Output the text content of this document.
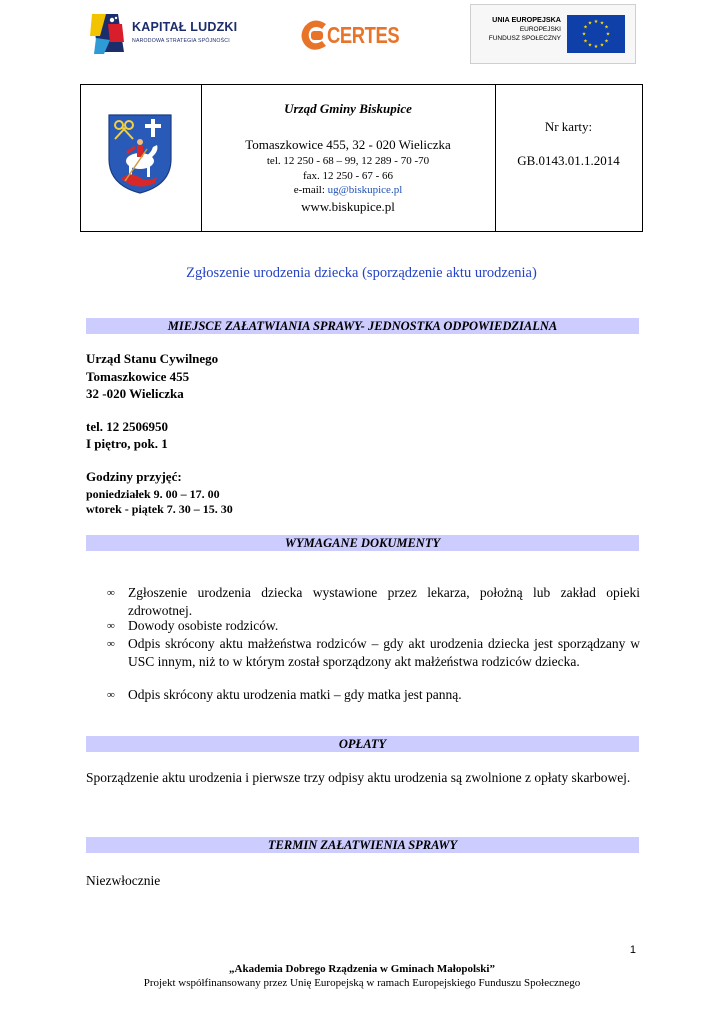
KAPITAŁ LUDZKI
NARODOWA STRATEGIA SPÓJNOŚCI	CERTES
UNIA EUROPEJSKA
EUROPEJSKI
FUNDUSZ SPOŁECZNY
★ ★
★
★
★
★
★
★
★
★
★
★
Urząd Gminy Biskupice
Tomaszkowice 455, 32 - 020 Wieliczka
tel. 12 250 - 68 – 99, 12 289 - 70 -70
fax. 12 250 - 67 - 66
e-mail: ug@biskupice.pl
www.biskupice.pl
Nr karty:
GB.0143.01.1.2014
Zgłoszenie urodzenia dziecka (sporządzenie aktu urodzenia)
MIEJSCE ZAŁATWIANIA SPRAWY- JEDNOSTKA ODPOWIEDZIALNA
Urząd Stanu Cywilnego
Tomaszkowice 455
32 -020 Wieliczka
tel. 12 2506950
I piętro, pok. 1
Godziny przyjęć:
poniedziałek 9. 00 – 17. 00
wtorek - piątek 7. 30 – 15. 30
WYMAGANE DOKUMENTY
∞ Zgłoszenie urodzenia dziecka wystawione przez lekarza, położną lub zakład opieki zdrowotnej.
∞ Dowody osobiste rodziców.
∞ Odpis skrócony aktu małżeństwa rodziców – gdy akt urodzenia dziecka jest sporządzany w USC innym, niż to w którym został sporządzony akt małżeństwa rodziców dziecka.
∞ Odpis skrócony aktu urodzenia matki – gdy matka jest panną.
OPŁATY
Sporządzenie aktu urodzenia i pierwsze trzy odpisy aktu urodzenia są zwolnione z opłaty skarbowej.
TERMIN ZAŁATWIENIA SPRAWY
Niezwłocznie
1
„Akademia Dobrego Rządzenia w Gminach Małopolski”
Projekt współfinansowany przez Unię Europejską w ramach Europejskiego Funduszu Społecznego
